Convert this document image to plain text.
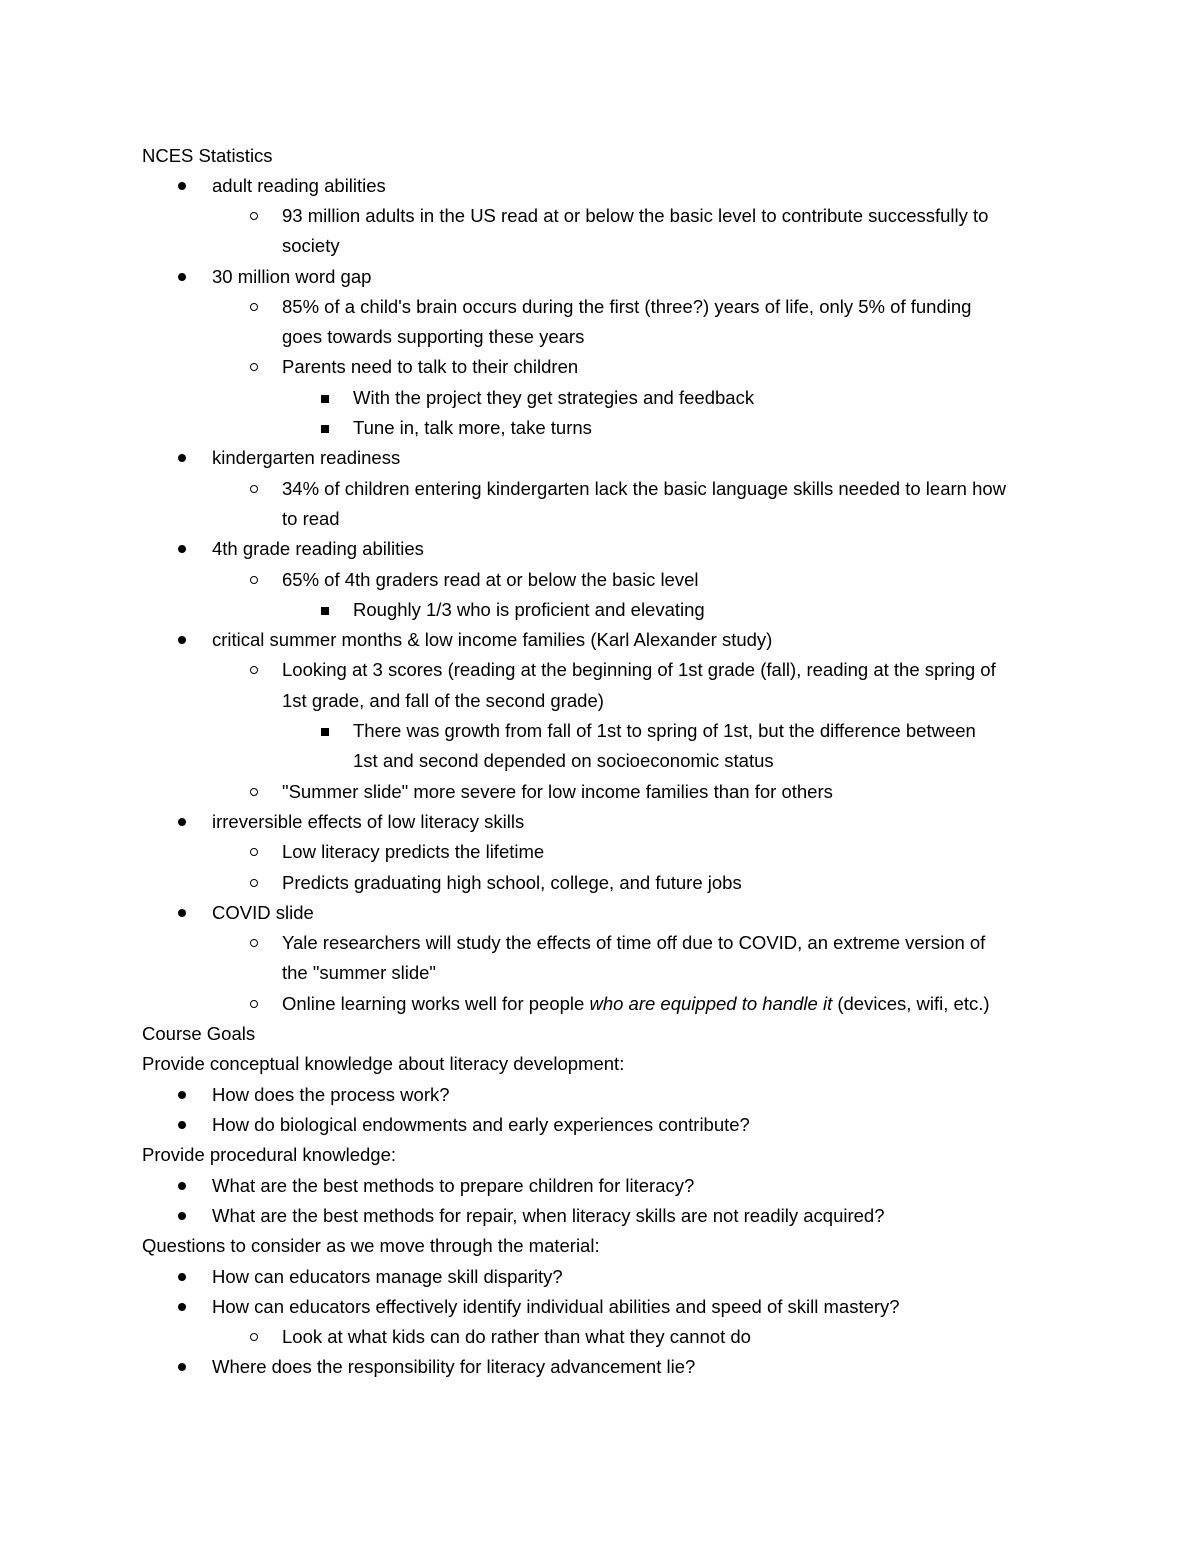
NCES Statistics
adult reading abilities
93 million adults in the US read at or below the basic level to contribute successfully to
society
30 million word gap
85% of a child's brain occurs during the first (three?) years of life, only 5% of funding
goes towards supporting these years
Parents need to talk to their children
With the project they get strategies and feedback
Tune in, talk more, take turns
kindergarten readiness
34% of children entering kindergarten lack the basic language skills needed to learn how
to read
4th grade reading abilities
65% of 4th graders read at or below the basic level
Roughly 1/3 who is proficient and elevating
critical summer months & low income families (Karl Alexander study)
Looking at 3 scores (reading at the beginning of 1st grade (fall), reading at the spring of
1st grade, and fall of the second grade)
There was growth from fall of 1st to spring of 1st, but the difference between
1st and second depended on socioeconomic status
"Summer slide" more severe for low income families than for others
irreversible effects of low literacy skills
Low literacy predicts the lifetime
Predicts graduating high school, college, and future jobs
COVID slide
Yale researchers will study the effects of time off due to COVID, an extreme version of
the "summer slide"
Online learning works well for people who are equipped to handle it (devices, wifi, etc.)
Course Goals
Provide conceptual knowledge about literacy development:
How does the process work?
How do biological endowments and early experiences contribute?
Provide procedural knowledge:
What are the best methods to prepare children for literacy?
What are the best methods for repair, when literacy skills are not readily acquired?
Questions to consider as we move through the material:
How can educators manage skill disparity?
How can educators effectively identify individual abilities and speed of skill mastery?
Look at what kids can do rather than what they cannot do
Where does the responsibility for literacy advancement lie?
